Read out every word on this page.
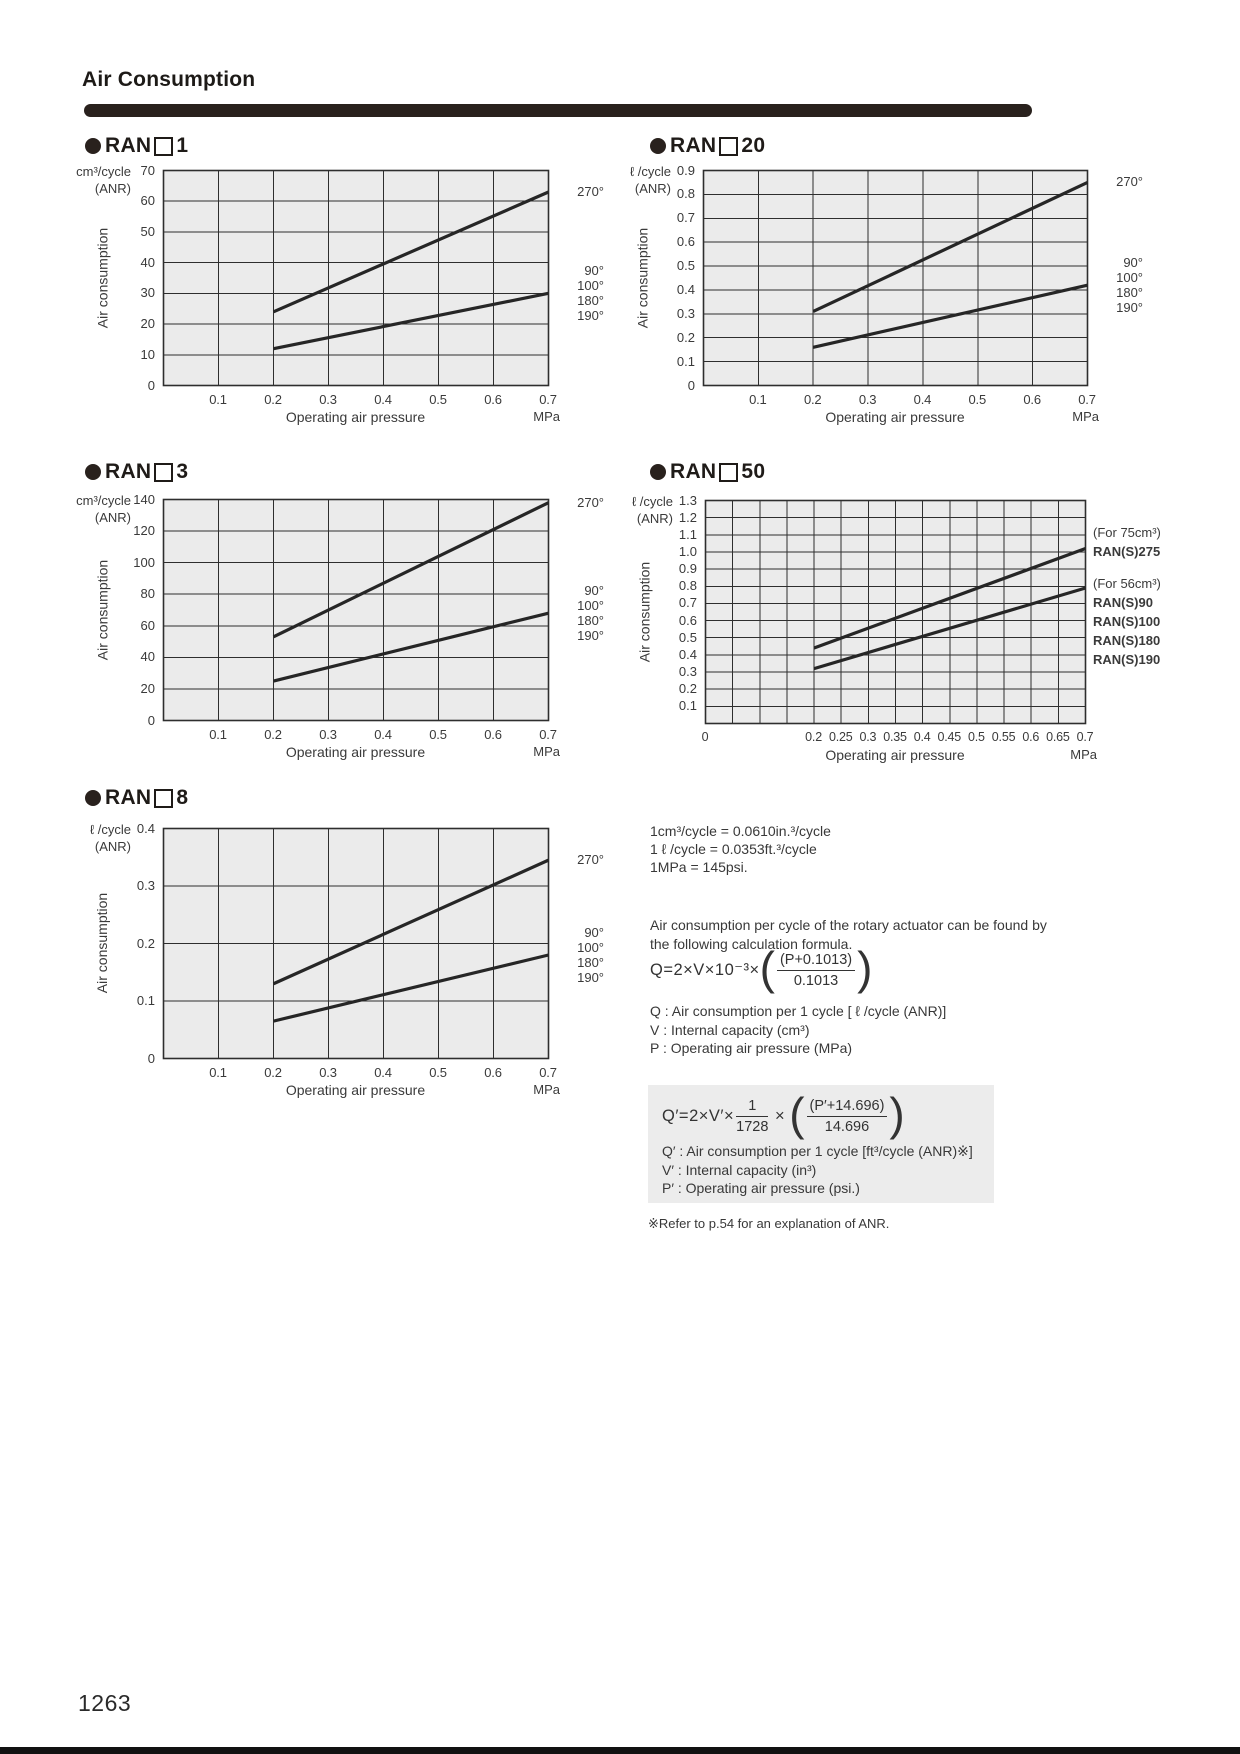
Air Consumption
RAN 1
70
60
50
40
30
20
10
0
0.1	0.2	0.3	0.4	0.5	0.6	0.7
cm³/cycle
(ANR)
Air consumption
Operating air pressure	MPa
270°
90°
100°
180°
190°
RAN 20
0.9
0.8
0.7
0.6
0.5
0.4
0.3
0.2
0.1
0
0.1	0.2	0.3	0.4	0.5	0.6	0.7
ℓ /cycle
(ANR)
Air consumption
Operating air pressure	MPa
270°
90°
100°
180°
190°
RAN 3
140
120
100
80
60
40
20
0
0.1	0.2	0.3	0.4	0.5	0.6	0.7
cm³/cycle
(ANR)
Air consumption
Operating air pressure	MPa
270°
90°
100°
180°
190°
RAN 50
1.3
1.2
1.1
1.0
0.9
0.8
0.7
0.6
0.5
0.4
0.3
0.2
0.1
0	0.2 0.25 0.3 0.35 0.4 0.45 0.5 0.55 0.6 0.65 0.7
ℓ /cycle
(ANR)
Air consumption
Operating air pressure	MPa
(For 75cm³)
RAN(S)275
(For 56cm³)
RAN(S)90
RAN(S)100
RAN(S)180
RAN(S)190
RAN 8
0.4
0.3
0.2
0.1
0
0.1	0.2	0.3	0.4	0.5	0.6	0.7
ℓ /cycle
(ANR)
Air consumption
Operating air pressure	MPa
270°
90°
100°
180°
190°
1cm³/cycle = 0.0610in.³/cycle
1 ℓ /cycle = 0.0353ft.³/cycle
1MPa = 145psi.
Air consumption per cycle of the rotary actuator can be found by the following calculation formula.
Q=2×V×10⁻³× ( $\frac{(P+0.1013)}{0.1013}$ )
Q : Air consumption per 1 cycle [ ℓ /cycle (ANR)]
V : Internal capacity (cm³)
P : Operating air pressure (MPa)
$Q'=2\times V'\times \frac{1}{1728}$ × ( $\frac{(P'+14.696)}{14.696}$ )
Q′ : Air consumption per 1 cycle [ft³/cycle (ANR)※]
V′ : Internal capacity (in³)
P′ : Operating air pressure (psi.)
※Refer to p.54 for an explanation of ANR.
1263
